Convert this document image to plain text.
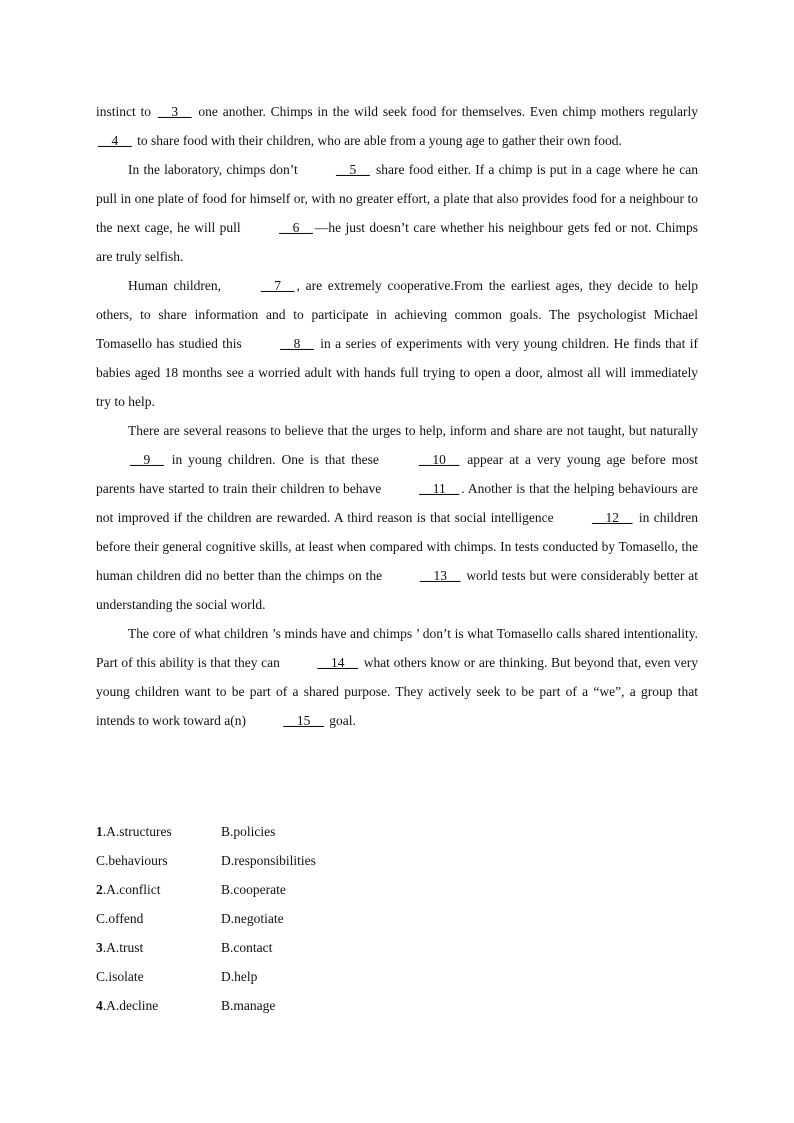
instinct to __3__ one another. Chimps in the wild seek food for themselves. Even chimp mothers regularly __4__ to share food with their children, who are able from a young age to gather their own food.

In the laboratory, chimps don’t	__5__ share food either. If a chimp is put in a cage where he can pull in one plate of food for himself or, with no greater effort, a plate that also provides food for a neighbour to the next cage, he will pull	__6__ —he just doesn’t care whether his neighbour gets fed or not. Chimps are truly selfish.

Human children,	__7__ , are extremely cooperative.From the earliest ages, they decide to help others, to share information and to participate in achieving common goals. The psychologist Michael Tomasello has studied this	__8__ in a series of experiments with very young children. He finds that if babies aged 18 months see a worried adult with hands full trying to open a door, almost all will immediately try to help.

There are several reasons to believe that the urges to help, inform and share are not taught, but naturally __9__ in young children. One is that these	__10__ appear at a very young age before most parents have started to train their children to behave	__11__ . Another is that the helping behaviours are not improved if the children are rewarded. A third reason is that social intelligence	__12__ in children before their general cognitive skills, at least when compared with chimps. In tests conducted by Tomasello, the human children did no better than the chimps on the	__13__ world tests but were considerably better at understanding the social world.

The core of what children ’s minds have and chimps ’ don’t is what Tomasello calls shared intentionality. Part of this ability is that they can	__14__ what others know or are thinking. But beyond that, even very young children want to be part of a shared purpose. They actively seek to be part of a “we”, a group that intends to work toward a(n)	__15__ goal.

1.A.structures	B.policies
C.behaviours	D.responsibilities
2.A.conflict	B.cooperate
C.offend	D.negotiate
3.A.trust	B.contact
C.isolate	D.help
4.A.decline	B.manage
